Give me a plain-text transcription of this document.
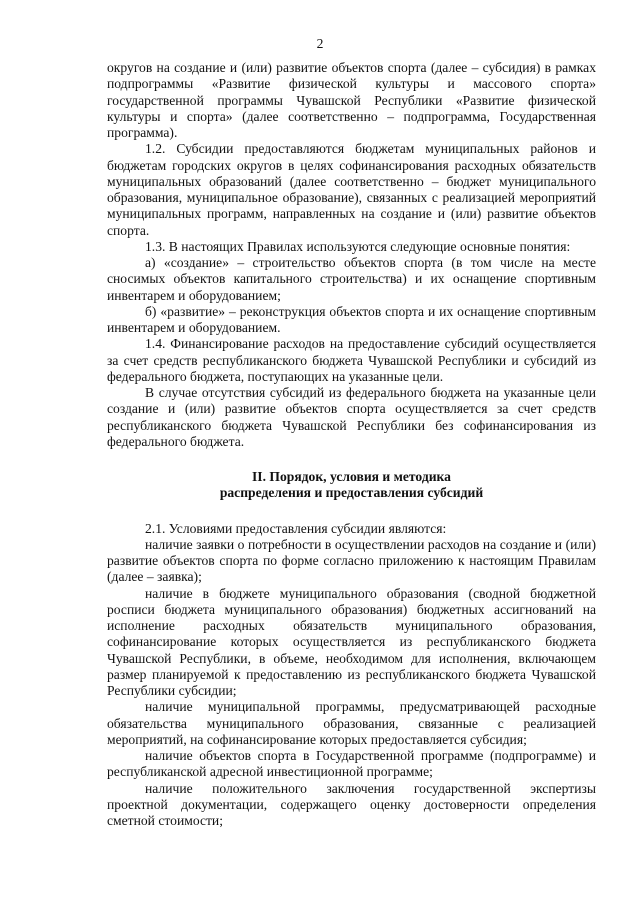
2

округов на создание и (или) развитие объектов спорта (далее – субсидия) в рамках подпрограммы «Развитие физической культуры и массового спорта» государственной программы Чувашской Республики «Развитие физической культуры и спорта» (далее соответственно – подпрограмма, Государственная программа).

1.2. Субсидии предоставляются бюджетам муниципальных районов и бюджетам городских округов в целях софинансирования расходных обязательств муниципальных образований (далее соответственно – бюджет муниципального образования, муниципальное образование), связанных с реализацией мероприятий муниципальных программ, направленных на создание и (или) развитие объектов спорта.

1.3. В настоящих Правилах используются следующие основные понятия:

а) «создание» – строительство объектов спорта (в том числе на месте сносимых объектов капитального строительства) и их оснащение спортивным инвентарем и оборудованием;

б) «развитие» – реконструкция объектов спорта и их оснащение спортивным инвентарем и оборудованием.

1.4. Финансирование расходов на предоставление субсидий осуществляется за счет средств республиканского бюджета Чувашской Республики и субсидий из федерального бюджета, поступающих на указанные цели.

В случае отсутствия субсидий из федерального бюджета на указанные цели создание и (или) развитие объектов спорта осуществляется за счет средств республиканского бюджета Чувашской Республики без софинансирования из федерального бюджета.

II. Порядок, условия и методика
распределения и предоставления субсидий

2.1. Условиями предоставления субсидии являются:

наличие заявки о потребности в осуществлении расходов на создание и (или) развитие объектов спорта по форме согласно приложению к настоящим Правилам (далее – заявка);

наличие в бюджете муниципального образования (сводной бюджетной росписи бюджета муниципального образования) бюджетных ассигнований на исполнение расходных обязательств муниципального образования, софинансирование которых осуществляется из республиканского бюджета Чувашской Республики, в объеме, необходимом для исполнения, включающем размер планируемой к предоставлению из республиканского бюджета Чувашской Республики субсидии;

наличие муниципальной программы, предусматривающей расходные обязательства муниципального образования, связанные с реализацией мероприятий, на софинансирование которых предоставляется субсидия;

наличие объектов спорта в Государственной программе (подпрограмме) и республиканской адресной инвестиционной программе;

наличие положительного заключения государственной экспертизы проектной документации, содержащего оценку достоверности определения сметной стоимости;
